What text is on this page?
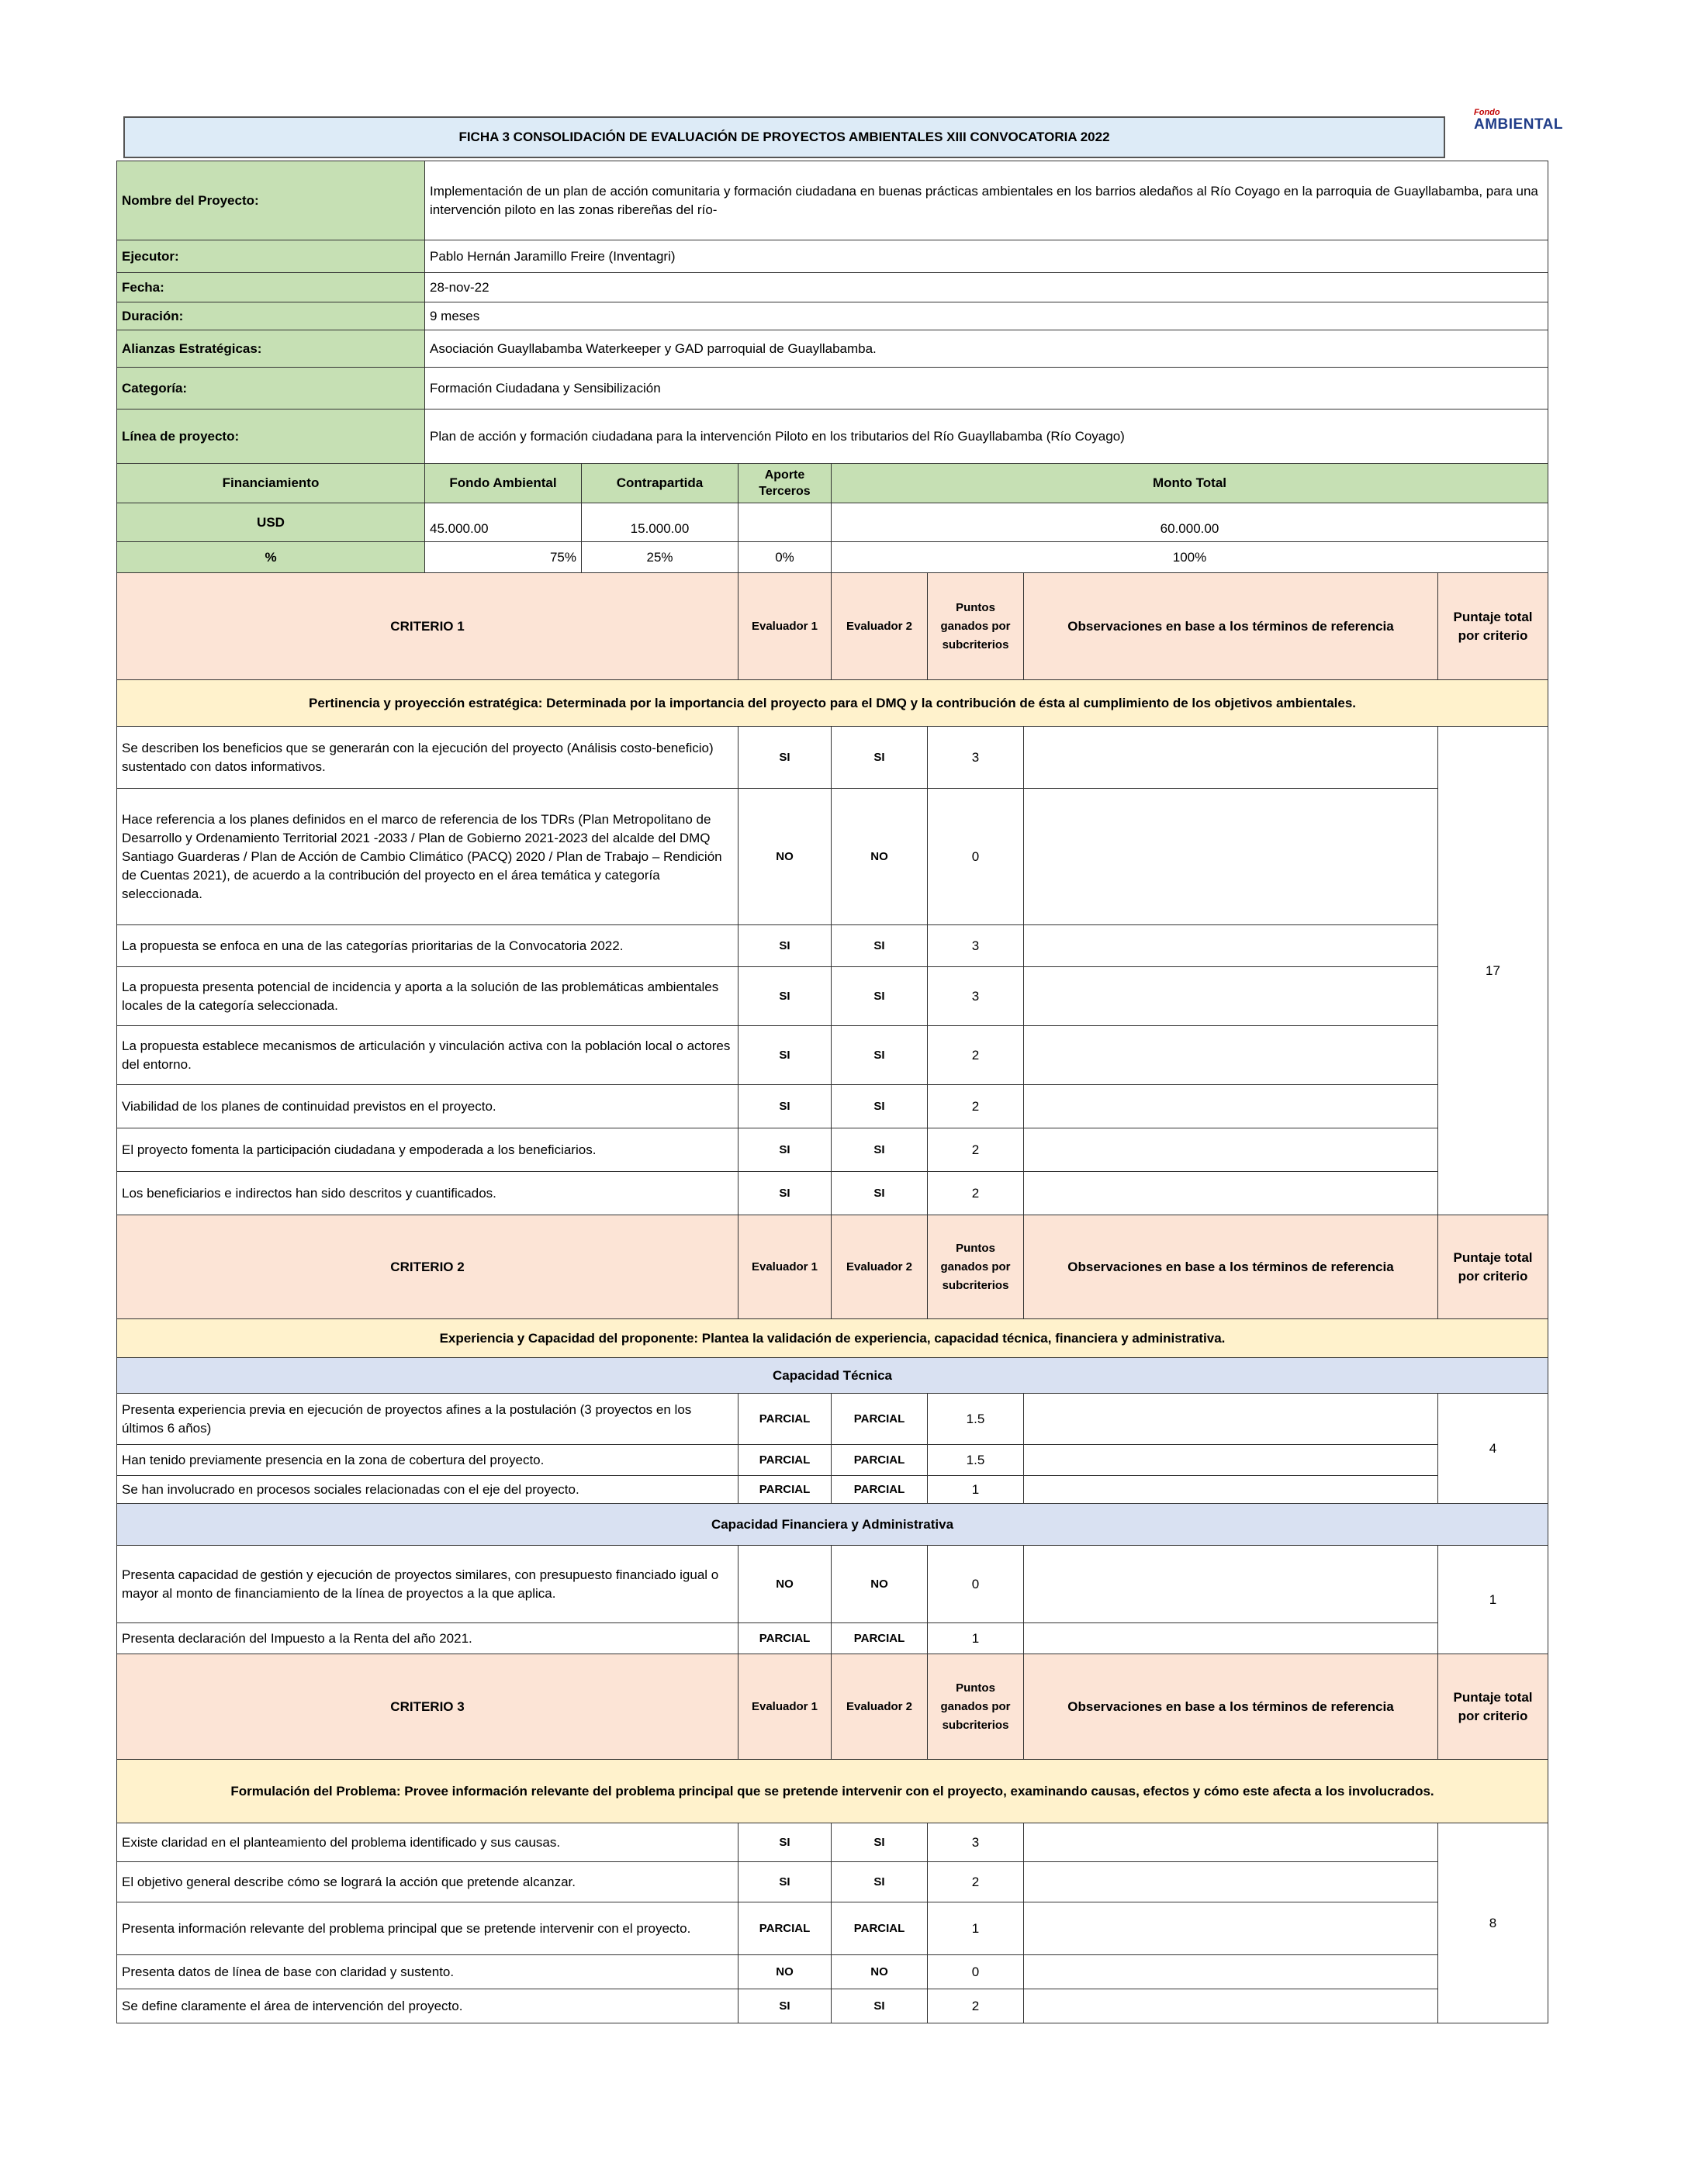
FICHA 3 CONSOLIDACIÓN DE EVALUACIÓN DE PROYECTOS AMBIENTALES XIII CONVOCATORIA 2022
Fondo
AMBIENTAL
Nombre del Proyecto:	Implementación de un plan de acción comunitaria y formación ciudadana en buenas prácticas ambientales en los barrios aledaños al Río Coyago en la parroquia de Guayllabamba, para una intervención piloto en las zonas ribereñas del río-						
Ejecutor:	Pablo Hernán Jaramillo Freire (Inventagri)						
Fecha:	28-nov-22						
Duración:	9 meses						
Alianzas Estratégicas:	Asociación Guayllabamba Waterkeeper y GAD parroquial de Guayllabamba.						
Categoría:	Formación Ciudadana y Sensibilización						
Línea de proyecto:	Plan de acción y formación ciudadana para la intervención Piloto en los tributarios del Río Guayllabamba (Río Coyago)						
Financiamiento	Fondo Ambiental	Contrapartida	Aporte Terceros	Monto Total			
USD	45.000.00	15.000.00		60.000.00			
%	75%	25%	0%	100%			
CRITERIO 1			Evaluador 1	Evaluador 2	Puntos ganados por subcriterios	Observaciones en base a los términos de referencia	Puntaje total por criterio
Pertinencia y proyección estratégica: Determinada por la importancia del proyecto para el DMQ y la contribución de ésta al cumplimiento de los objetivos ambientales.							
Se describen los beneficios que se generarán con la ejecución del proyecto (Análisis costo-beneficio) sustentado con datos informativos.			SI	SI	3		17
Hace referencia a los planes definidos en el marco de referencia de los TDRs (Plan Metropolitano de Desarrollo y Ordenamiento Territorial 2021 -2033 / Plan de Gobierno 2021-2023 del alcalde del DMQ Santiago Guarderas / Plan de Acción de Cambio Climático (PACQ) 2020 / Plan de Trabajo – Rendición de Cuentas 2021), de acuerdo a la contribución del proyecto en el área temática y categoría seleccionada.			NO	NO	0		
La propuesta se enfoca en una de las categorías prioritarias de la Convocatoria 2022.			SI	SI	3		
La propuesta presenta potencial de incidencia y aporta a la solución de las problemáticas ambientales locales de la categoría seleccionada.			SI	SI	3		
La propuesta establece mecanismos de articulación y vinculación activa con la población local o actores del entorno.			SI	SI	2		
Viabilidad de los planes de continuidad previstos en el proyecto.			SI	SI	2		
El proyecto fomenta la participación ciudadana y empoderada a los beneficiarios.			SI	SI	2		
Los beneficiarios e indirectos han sido descritos y cuantificados.			SI	SI	2		
CRITERIO 2			Evaluador 1	Evaluador 2	Puntos ganados por subcriterios	Observaciones en base a los términos de referencia	Puntaje total por criterio
Experiencia y Capacidad del proponente: Plantea la validación de experiencia, capacidad técnica, financiera y administrativa.							
Capacidad Técnica							
Presenta experiencia previa en ejecución de proyectos afines a la postulación (3 proyectos en los últimos 6 años)			PARCIAL	PARCIAL	1.5		4
Han tenido previamente presencia en la zona de cobertura del proyecto.			PARCIAL	PARCIAL	1.5		
Se han involucrado en procesos sociales relacionadas con el eje del proyecto.			PARCIAL	PARCIAL	1		
Capacidad Financiera y Administrativa							
Presenta capacidad de gestión y ejecución de proyectos similares, con presupuesto financiado igual o mayor al monto de financiamiento de la línea de proyectos a la que aplica.			NO	NO	0		1
Presenta declaración del Impuesto a la Renta del año 2021.			PARCIAL	PARCIAL	1		
CRITERIO 3			Evaluador 1	Evaluador 2	Puntos ganados por subcriterios	Observaciones en base a los términos de referencia	Puntaje total por criterio
Formulación del Problema: Provee información relevante del problema principal que se pretende intervenir con el proyecto, examinando causas, efectos y cómo este afecta a los involucrados.							
Existe claridad en el planteamiento del problema identificado y sus causas.			SI	SI	3		8
El objetivo general describe cómo se logrará la acción que pretende alcanzar.			SI	SI	2		
Presenta información relevante del problema principal que se pretende intervenir con el proyecto.			PARCIAL	PARCIAL	1		
Presenta datos de línea de base con claridad y sustento.			NO	NO	0		
Se define claramente el área de intervención del proyecto.			SI	SI	2		
